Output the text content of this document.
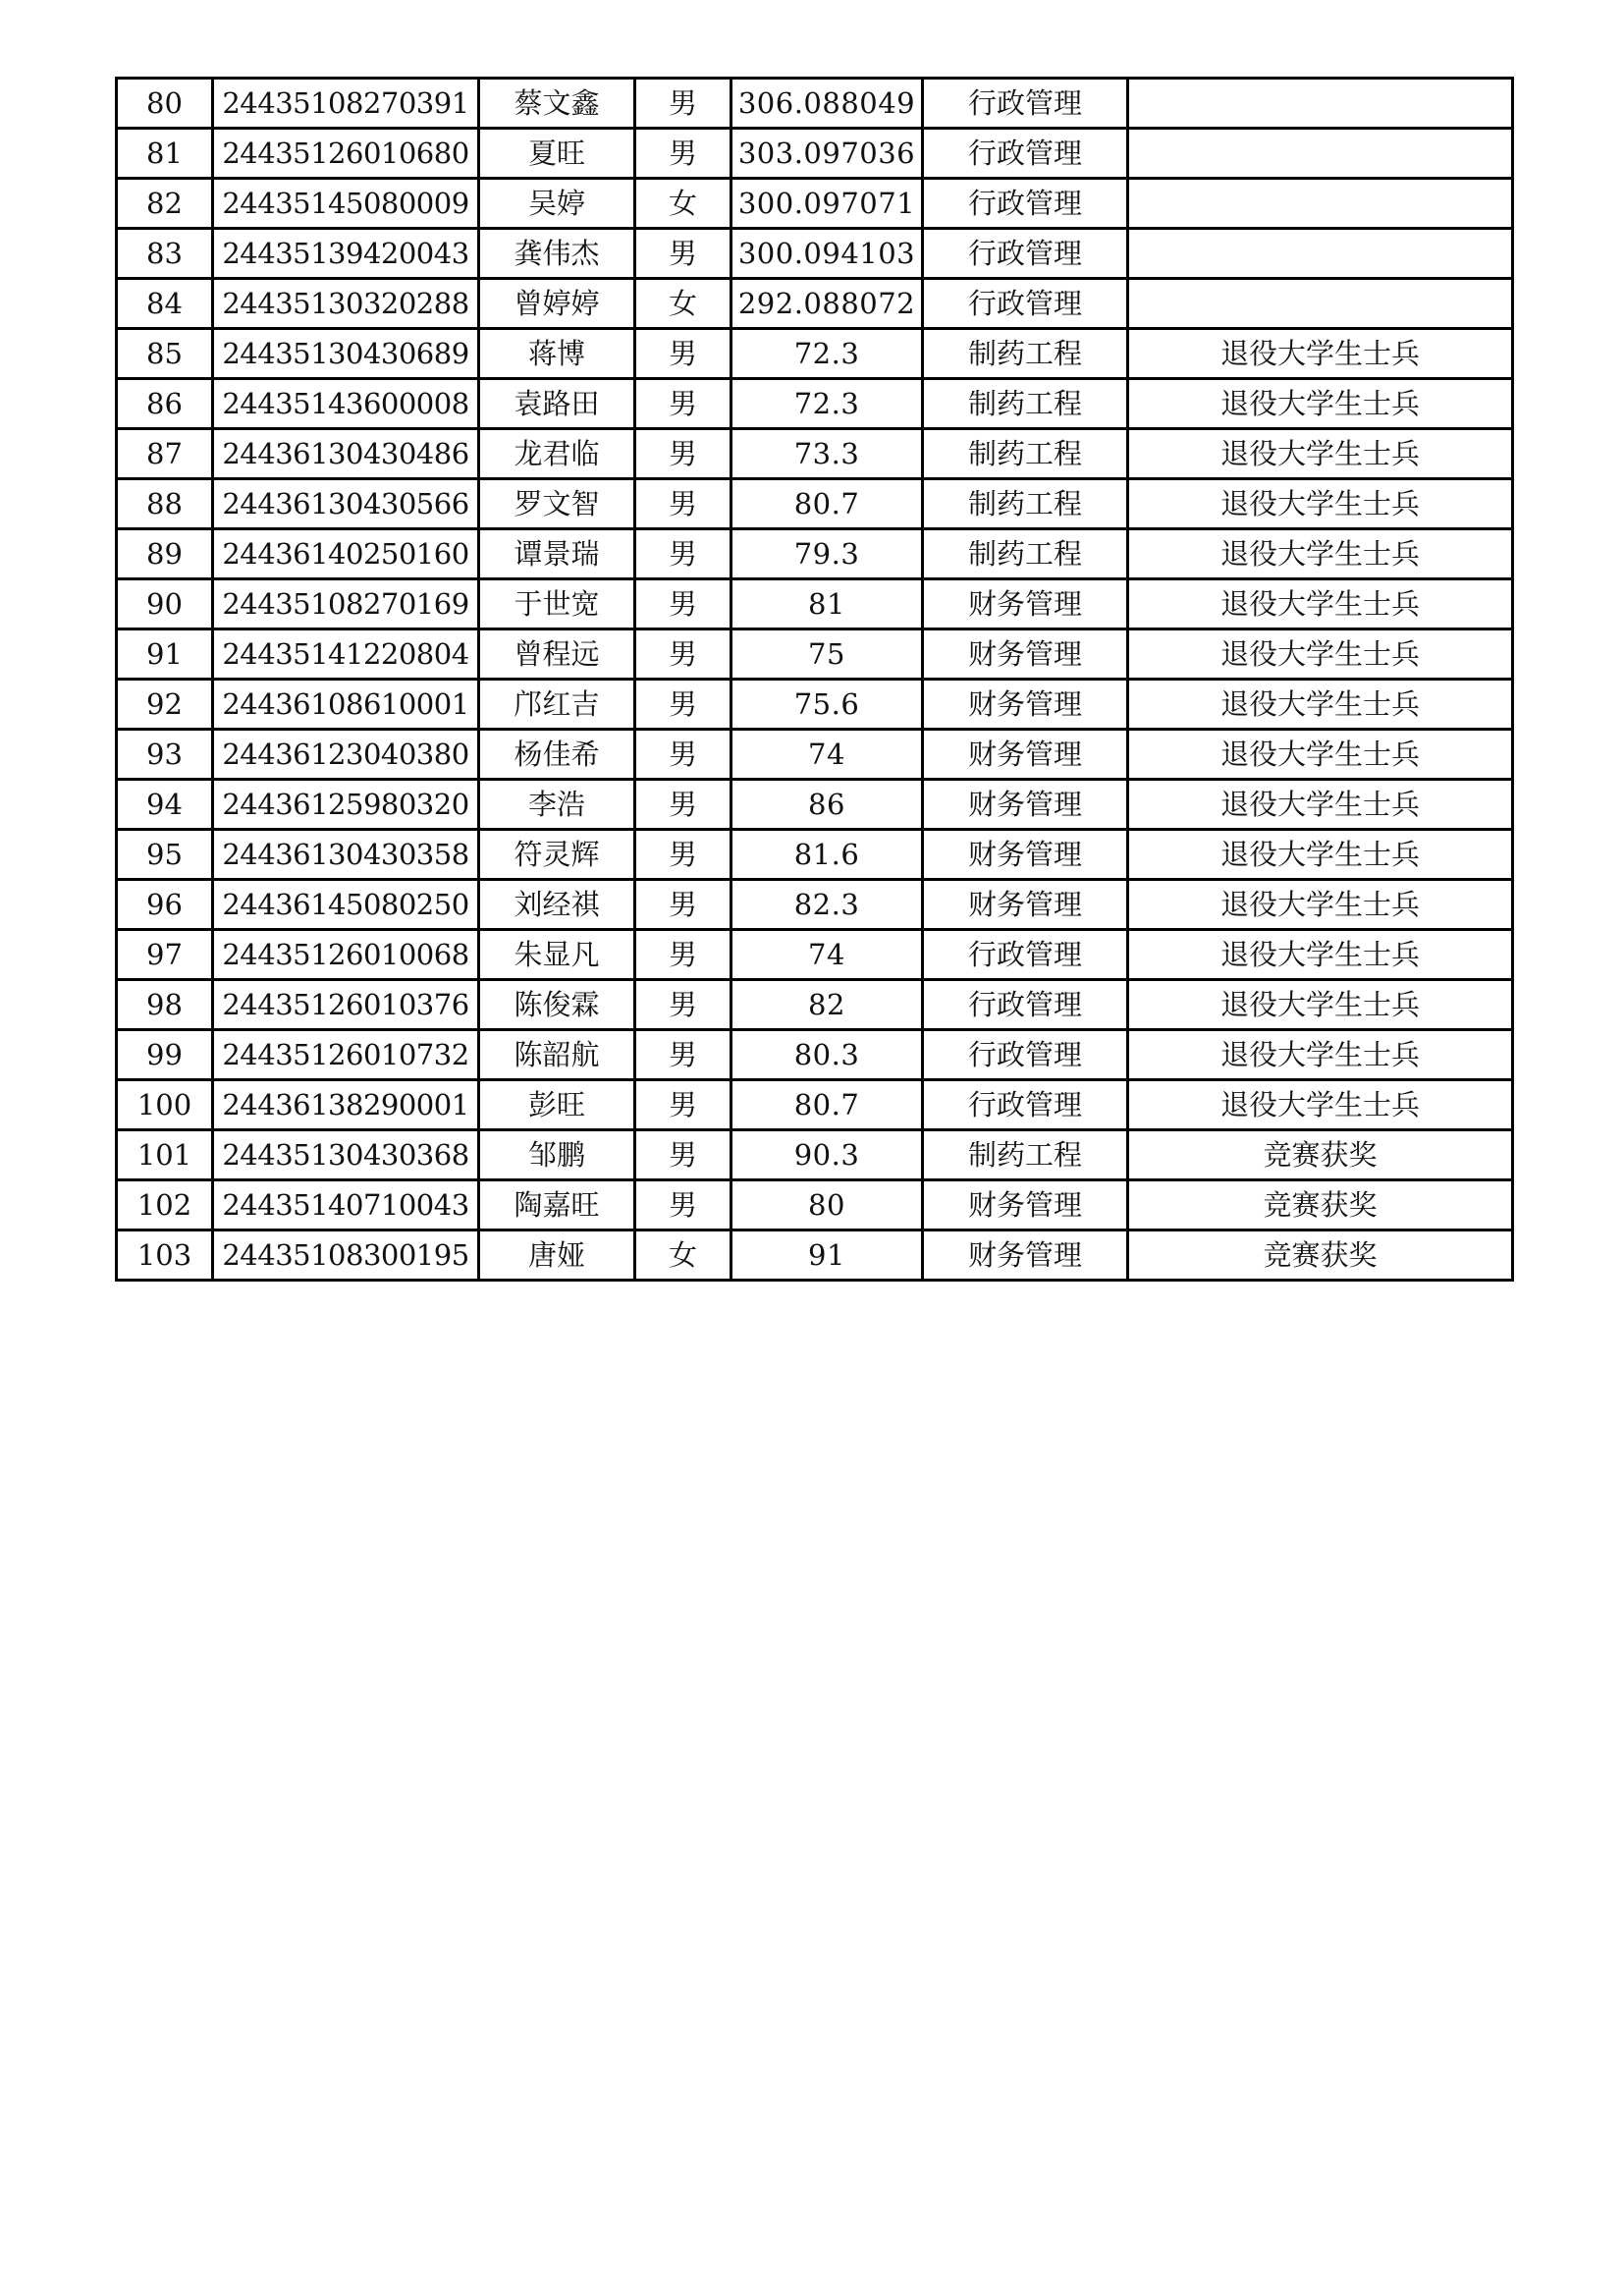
80	24435108270391	蔡文鑫	男	306.088049	行政管理	
81	24435126010680	夏旺	男	303.097036	行政管理	
82	24435145080009	吴婷	女	300.097071	行政管理	
83	24435139420043	龚伟杰	男	300.094103	行政管理	
84	24435130320288	曾婷婷	女	292.088072	行政管理	
85	24435130430689	蒋博	男	72.3	制药工程	退役大学生士兵
86	24435143600008	袁路田	男	72.3	制药工程	退役大学生士兵
87	24436130430486	龙君临	男	73.3	制药工程	退役大学生士兵
88	24436130430566	罗文智	男	80.7	制药工程	退役大学生士兵
89	24436140250160	谭景瑞	男	79.3	制药工程	退役大学生士兵
90	24435108270169	于世宽	男	81	财务管理	退役大学生士兵
91	24435141220804	曾程远	男	75	财务管理	退役大学生士兵
92	24436108610001	邝红吉	男	75.6	财务管理	退役大学生士兵
93	24436123040380	杨佳希	男	74	财务管理	退役大学生士兵
94	24436125980320	李浩	男	86	财务管理	退役大学生士兵
95	24436130430358	符灵辉	男	81.6	财务管理	退役大学生士兵
96	24436145080250	刘经祺	男	82.3	财务管理	退役大学生士兵
97	24435126010068	朱显凡	男	74	行政管理	退役大学生士兵
98	24435126010376	陈俊霖	男	82	行政管理	退役大学生士兵
99	24435126010732	陈韶航	男	80.3	行政管理	退役大学生士兵
100	24436138290001	彭旺	男	80.7	行政管理	退役大学生士兵
101	24435130430368	邹鹏	男	90.3	制药工程	竞赛获奖
102	24435140710043	陶嘉旺	男	80	财务管理	竞赛获奖
103	24435108300195	唐娅	女	91	财务管理	竞赛获奖
